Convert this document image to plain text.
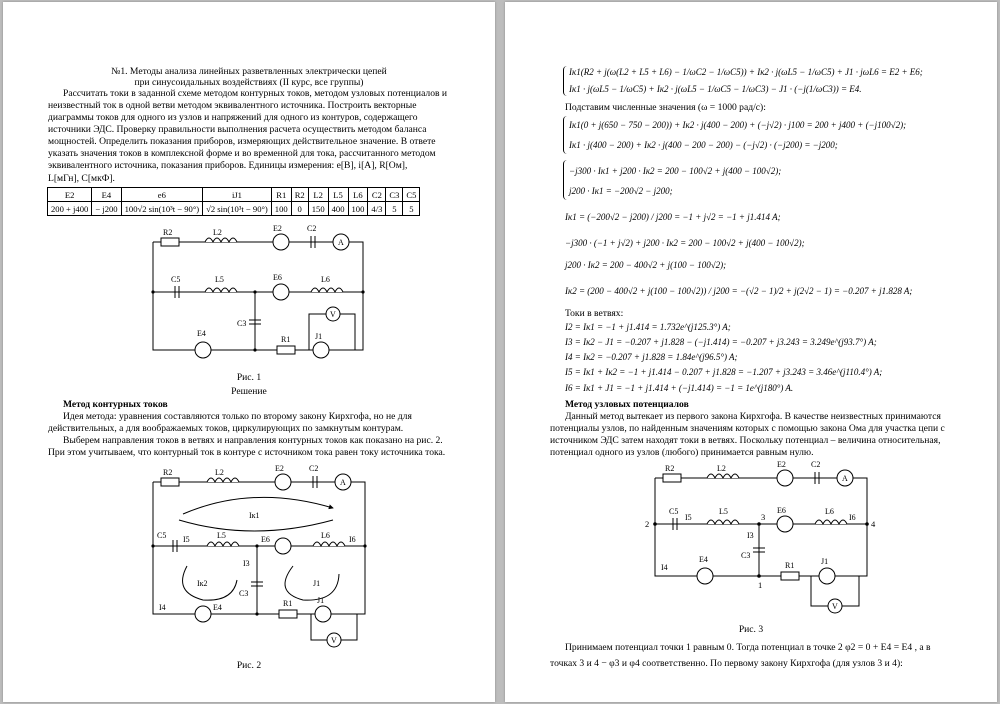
№1. Методы анализа линейных разветвленных электрически цепей
при синусоидальных воздействиях (II курс, все группы)
Рассчитать токи в заданной схеме методом контурных токов, методом узловых потенциалов и
неизвестный ток в одной ветви методом эквивалентного источника. Построить векторные
диаграммы токов для одного из узлов и напряжений для одного из контуров, содержащего
источники ЭДС. Проверку правильности выполнения расчета осуществить методом баланса
мощностей. Определить показания приборов, измеряющих действительное значение. В ответе
указать значения токов в комплексной форме и во временной для тока, рассчитанного методом
эквивалентного источника, показания приборов. Единицы измерения: e[B], i[A], R[Ом],
L[мГн], C[мкФ].
E2	E4	e6	iJ1	R1	R2	L2	L5	L6	C2	C3	C5
200 + j400	− j200	100√2 sin(10³t − 90°)	√2 sin(10³t − 90°)	100	0	150	400	100	4/3	5	5
R2	L2	E2	C2
A
C5	L5	E6	L6
C3
E4
R1	J1
V
Рис. 1
Решение
Метод контурных токов
Идея метода: уравнения составляются только по второму закону Кирхгофа, но не для
действительных, а для воображаемых токов, циркулирующих по замкнутым контурам.
Выберем направления токов в ветвях и направления контурных токов как показано на рис. 2.
При этом учитываем, что контурный ток в контуре с источником тока равен току источника тока.
R2	L2	E2	C2
A
Iк1
C5 I5	L5	E6	L6 I6
I3
C3
Iк2	J1
I4	E4	R1	J1
V
Рис. 2
Iк1(R2 + j(ω(L2 + L5 + L6) − 1/ωC2 − 1/ωC5)) + Iк2 · j(ωL5 − 1/ωC5) + J1 · jωL6 = E2 + E6;
Iк1 · j(ωL5 − 1/ωC5) + Iк2 · j(ωL5 − 1/ωC5 − 1/ωC3) − J1 · (−j(1/ωC3)) = E4.
Подставим численные значения (ω = 1000 рад/с):
Iк1(0 + j(650 − 750 − 200)) + Iк2 · j(400 − 200) + (−j√2) · j100 = 200 + j400 + (−j100√2);
Iк1 · j(400 − 200) + Iк2 · j(400 − 200 − 200) − (−j√2) · (−j200) = −j200;
−j300 · Iк1 + j200 · Iк2 = 200 − 100√2 + j(400 − 100√2);
j200 · Iк1 = −200√2 − j200;
Iк1 = (−200√2 − j200) / j200 = −1 + j√2 = −1 + j1.414 A;
−j300 · (−1 + j√2) + j200 · Iк2 = 200 − 100√2 + j(400 − 100√2);
j200 · Iк2 = 200 − 400√2 + j(100 − 100√2);
Iк2 = (200 − 400√2 + j(100 − 100√2)) / j200 = −(√2 − 1)/2 + j(2√2 − 1) = −0.207 + j1.828 A;
Токи в ветвях:
I2 = Iк1 = −1 + j1.414 = 1.732e^(j125.3°) A;
I3 = Iк2 − J1 = −0.207 + j1.828 − (−j1.414) = −0.207 + j3.243 = 3.249e^(j93.7°) A;
I4 = Iк2 = −0.207 + j1.828 = 1.84e^(j96.5°) A;
I5 = Iк1 + Iк2 = −1 + j1.414 − 0.207 + j1.828 = −1.207 + j3.243 = 3.46e^(j110.4°) A;
I6 = Iк1 + J1 = −1 + j1.414 + (−j1.414) = −1 = 1e^(j180°) A.
Метод узловых потенциалов
Данный метод вытекает из первого закона Кирхгофа. В качестве неизвестных принимаются
потенциалы узлов, по найденным значениям которых с помощью закона Ома для участка цепи с
источником ЭДС затем находят токи в ветвях. Поскольку потенциал – величина относительная,
потенциал одного из узлов (любого) принимается равным нулю.
R2	L2	E2	C2
A
C5
I5
L5	E6	L6
I6
I3
C3
I4
E4
R1	J1
V
1
2
3
4
Рис. 3
Принимаем потенциал точки 1 равным 0. Тогда потенциал в точке 2 φ2 = 0 + E4 = E4 , а в
точках 3 и 4 − φ3 и φ4 соответственно. По первому закону Кирхгофа (для узлов 3 и 4):
